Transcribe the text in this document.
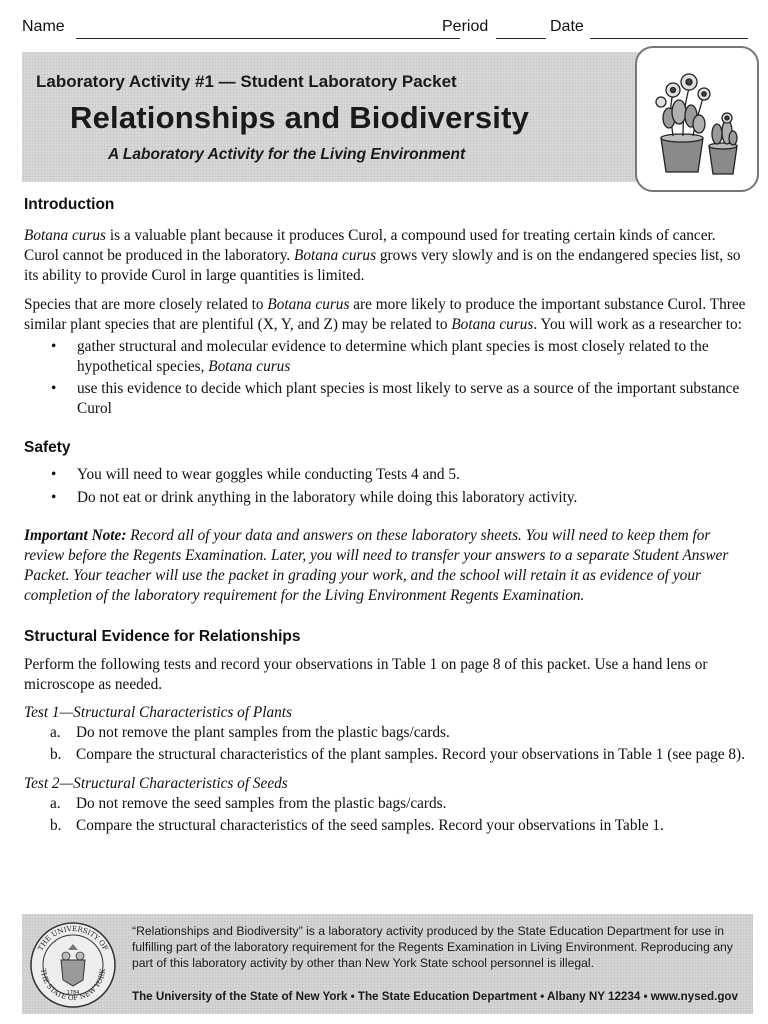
Name	Period	Date
Laboratory Activity #1 — Student Laboratory Packet
Relationships and Biodiversity
A Laboratory Activity for the Living Environment
Introduction

Botana curus is a valuable plant because it produces Curol, a compound used for treating certain kinds of cancer. Curol cannot be produced in the laboratory. Botana curus grows very slowly and is on the endangered species list, so its ability to provide Curol in large quantities is limited.

Species that are more closely related to Botana curus are more likely to produce the important substance Curol. Three similar plant species that are plentiful (X, Y, and Z) may be related to Botana curus. You will work as a researcher to:

• gather structural and molecular evidence to determine which plant species is most closely related to the hypothetical species, Botana curus
• use this evidence to decide which plant species is most likely to serve as a source of the important substance Curol
Safety
• You will need to wear goggles while conducting Tests 4 and 5.
• Do not eat or drink anything in the laboratory while doing this laboratory activity.

Important Note: Record all of your data and answers on these laboratory sheets. You will need to keep them for review before the Regents Examination. Later, you will need to transfer your answers to a separate Student Answer Packet. Your teacher will use the packet in grading your work, and the school will retain it as evidence of your completion of the laboratory requirement for the Living Environment Regents Examination.

Structural Evidence for Relationships

Perform the following tests and record your observations in Table 1 on page 8 of this packet. Use a hand lens or microscope as needed.

Test 1—Structural Characteristics of Plants
a. Do not remove the plant samples from the plastic bags/cards.
b. Compare the structural characteristics of the plant samples. Record your observations in Table 1 (see page 8).
Test 2—Structural Characteristics of Seeds
a. Do not remove the seed samples from the plastic bags/cards.
b. Compare the structural characteristics of the seed samples. Record your observations in Table 1.
THE UNIVERSITY OF
THE STATE OF NEW YORK
1784
“Relationships and Biodiversity” is a laboratory activity produced by the State Education Department for use in fulfilling part of the laboratory requirement for the Regents Examination in Living Environment. Reproducing any part of this laboratory activity by other than New York State school personnel is illegal.
The University of the State of New York • The State Education Department • Albany NY 12234 • www.nysed.gov
